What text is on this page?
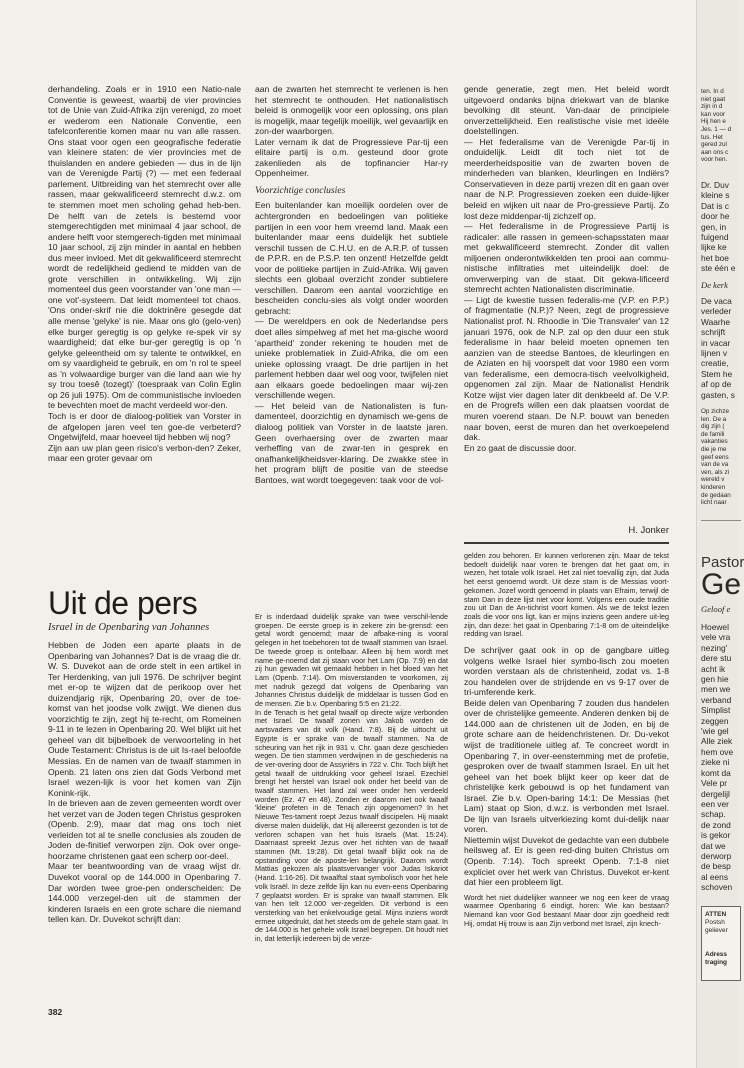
derhandeling. Zoals er in 1910 een Natio-nale Conventie is geweest, waarbij de vier provincies tot de Unie van Zuid-Afrika zijn verenigd, zo moet er wederom een Nationale Conventie, een tafelconferentie komen maar nu van alle rassen. Ons staat voor ogen een geografische federatie van kleinere staten: de vier provincies met de thuislanden en andere gebieden — dus in de lijn van de Verenigde Partij (?) — met een federaal parlement. Uitbreiding van het stemrecht over alle rassen, maar gekwalificeerd stemrecht d.w.z. om te stemmen moet men scholing gehad heb-ben. De helft van de zetels is bestemd voor stemgerechtigden met minimaal 4 jaar school, de andere helft voor stemgerech-tigden met minimaal 10 jaar school, zij zijn minder in aantal en hebben dus meer invloed. Met dit gekwalificeerd stemrecht wordt de redelijkheid gediend te midden van de grote verschillen in ontwikkeling. Wij zijn momenteel dus geen voorstander van 'one man — one vot'-systeem. Dat leidt momenteel tot chaos. 'Ons onder-skrif nie die doktrinêre gesegde dat alle mense 'gelyke' is nie. Maar ons glo (gelo-ven) elke burger geregtig is op gelyke re-spek vir sy waardigheid; dat elke bur-ger geregtig is op 'n gelyke geleentheid om sy talente te ontwikkel, en om sy vaardigheid te gebruik, en om 'n rol te speel as 'n volwaardige burger van die land aan wie hy sy trou toesê (tozegt)' (toespraak van Colin Eglin op 26 juli 1975). Om de communistische invloeden te bevechten moet de macht verdeeld wor-den.

Toch is er door de dialoog-politiek van Vorster in de afgelopen jaren veel ten goe-de verbeterd? Ongetwijfeld, maar hoeveel tijd hebben wij nog?

Zijn aan uw plan geen risico's verbon-den? Zeker, maar een groter gevaar om

aan de zwarten het stemrecht te verlenen is hen het stemrecht te onthouden. Het nationalistisch beleid is onmogelijk voor een oplossing, ons plan is mogelijk, maar tegelijk moeilijk, wel gevaarlijk en zon-der waarborgen.

Later vernam ik dat de Progressieve Par-tij een elitaire partij is o.m. gesteund door grote zakenlieden als de topfinancier Har-ry Oppenheimer.

Voorzichtige conclusies

Een buitenlander kan moeilijk oordelen over de achtergronden en bedoelingen van politieke partijen in een voor hem vreemd land. Maak een buitenlander maar eens duidelijk het subtiele verschil tussen de C.H.U. en de A.R.P. of tussen de P.P.R. en de P.S.P. ten onzent! Hetzelfde geldt voor de politieke partijen in Zuid-Afrika. Wij gaven slechts een globaal overzicht zonder subtielere verschillen. Daarom een aantal voorzichtige en bescheiden conclu-sies als volgt onder woorden gebracht:

— De wereldpers en ook de Nederlandse pers doet alles simpelweg af met het ma-gische woord 'apartheid' zonder rekening te houden met de unieke problematiek in Zuid-Afrika, die om een unieke oplossing vraagt. De drie partijen in het parlement hebben daar wel oog voor, twijfelen niet aan elkaars goede bedoelingen maar wij-zen verschillende wegen.

— Het beleid van de Nationalisten is fun-damenteel, doorzichtig en dynamisch we-gens de dialoog politiek van Vorster in de laatste jaren. Geen overhaersing over de zwarten maar verheffing van de zwar-ten in gesprek en onafhankelijkheidsver-klaring. De zwakke stee in het program blijft de positie van de steedse Bantoes, wat wordt toegegeven: taak voor de vol-

gende generatie, zegt men. Het beleid wordt uitgevoerd ondanks bijna driekwart van de blanke bevolking dit steunt. Van-daar de principiele onverzettelijkheid. Een realistische visie met ideële doelstellingen.

— Het federalisme van de Verenigde Par-tij in onduidelijk. Leidt dit toch niet tot de meerderheidspositie van de zwarten boven de minderheden van blanken, kleurlingen en Indiërs? Conservatieven in deze partij vrezen dit en gaan over naar de N.P. Progressieven zoeken een duide-lijker beleid en wijken uit naar de Pro-gressieve Partij. Zo lost deze middenpar-tij zichzelf op.

— Het federalisme in de Progressieve Partij is radicaler: alle rassen in gemeen-schapsstaten maar met gekwalificeerd stemrecht. Zonder dit vallen miljoenen onderontwikkelden ten prooi aan commu-nistische infiltraties met uiteindelijk doel: de omverwerping van de staat. Dit gekwa-lificeerd stemrecht achten Nationalisten discriminatie.

— Ligt de kwestie tussen federalis-me (V.P. en P.P.) of fragmentatie (N.P.)? Neen, zegt de progressieve Nationalist prof. N. Rhoodie in 'Die Transvaler' van 12 januari 1976, ook de N.P. zal op den duur een stuk federalisme in haar beleid moeten opnemen ten aanzien van de steedse Bantoes, de kleurlingen en de Aziaten en hij voorspelt dat voor 1980 een vorm van federalisme, een democra-tisch veelvolkigheid, opgenomen zal zijn. Maar de Nationalist Hendrik Kotze wijst vier dagen later dit denkbeeld af. De V.P. en de Progrefs willen een dak plaatsen voordat de muren voerend staan. De N.P. bouwt van beneden naar boven, eerst de muren dan het overkoepelend dak.

En zo gaat de discussie door.

H. Jonker
Uit de pers
Israel in de Openbaring van Johannes

Hebben de Joden een aparte plaats in de Openbaring van Johannes? Dat is de vraag die dr. W. S. Duvekot aan de orde stelt in een artikel in Ter Herdenking, van juli 1976. De schrijver begint met er-op te wijzen dat de perikoop over het duizendjarig rijk, Openbaring 20, over de toe-komst van het joodse volk zwijgt. We dienen dus voorzichtig te zijn, zegt hij te-recht, om Romeinen 9-11 in te lezen in Openbaring 20. Wel blijkt uit het geheel van dit bijbelboek de verwoorteling in het Oude Testament: Christus is de uit Is-rael beloofde Messias. En de namen van de twaalf stammen in Openb. 21 laten ons zien dat Gods Verbond met Israel wezen-lijk is voor het komen van Zijn Konink-rijk.

In de brieven aan de zeven gemeenten wordt over het verzet van de Joden tegen Christus gesproken (Openb. 2:9), maar dat mag ons toch niet verleiden tot al te snelle conclusies als zouden de Joden de-finitief verworpen zijn. Ook over onge-hoorzame christenen gaat een scherp oor-deel.

Maar ter beantwoording van de vraag wijst dr. Duvekot vooral op de 144.000 in Openbaring 7. Dar worden twee groe-pen onderscheiden: De 144.000 verzegel-den uit de stammen der kinderen Israels en een grote schare die niemand tellen kan. Dr. Duvekot schrijft dan:

Er is inderdaad duidelijk sprake van twee verschil-lende groepen. De eerste groep is in zekere zin be-grensd: een getal wordt genoemd; maar de afbake-ning is vooral gelegen in het toebehoren tot de twaalf stammen van Israel. De tweede groep is ontelbaar. Alleen bij hem wordt met name ge-noemd dat zij staan voor het Lam (Op. 7:9) en dat zij hun gewaden wit gemaakt hebben in het bloed van het Lam (Openb. 7:14). Om misverstanden te voorkomen, zij met nadruk gezegd dat volgens de Openbaring van Johannes Christus duidelijk de middelaar is tussen God en de mensen. Zie b.v. Openbaring 5:5 en 21:22.

In de Tenach is het getal twaalf op directe wijze verbonden met Israel. De twaalf zonen van Jakob worden de aartsvaders van dit volk (Hand. 7:8). Bij de uittocht uit Egypte is er sprake van de twaalf stammen. Na de scheuring van het rijk in 931 v. Chr. gaan deze geschieden wegen. De tien stammen verdwijnen in de geschiedenis na de ver-overing door de Assyriërs in 722 v. Chr. Toch blijft het getal twaalf de uitdrukking voor geheel Israel. Ezechiël brengt het herstel van Israel ook onder het beeld van de twaalf stammen. Het land zal weer onder hen verdeeld worden (Ez. 47 en 48). Zonden er daarom niet ook twaalf 'kleine' profeten in de Tenach zijn opgenomen? In het Nieuwe Tes-tament roept Jezus twaalf discipelen. Hij maakt diverse malen duidelijk, dat Hij allereerst gezonden is tot de verloren schapen van het huis Israels (Mat. 15:24). Daarnaast spreekt Jezus over het richten van de twaalf stammen (Mt. 19:28). Dit getal twaalf blijkt ook na de opstanding voor de aposte-len belangrijk. Daarom wordt Mattias gekozen als plaatsvervanger voor Judas Iskariot (Hand. 1:16-26). Dit twaalftal staat symbolisch voor het hele volk Israël. In deze zelfde lijn kan nu even-eens Openbaring 7 geplaatst worden. Er is sprake van twaalf stammen. Elk van hen telt 12.000 ver-zegelden. Dit verbond is een versterking van het enkelvoudige getal. Mijns inziens wordt ermee uitgedrukt, dat het steeds om de gehele stam gaat. In de 144.000 is het gehele volk Israel begrepen. Dit houdt niet in, dat letterlijk iedereen bij de verze-

gelden zou behoren. Er kunnen verlorenen zijn. Maar de tekst bedoelt duidelijk naar voren te brengen dat het gaat om, in wezen, het totale volk Israel. Het zal niet toevallig zijn, dat Juda het eerst genoemd wordt. Uit deze stam is de Messias voort-gekomen. Jozef wordt genoemd in plaats van Efraim, terwijl de stam Dan in deze lijst niet voor komt. Volgens een oude traditie zou uit Dan de An-tichrist voort komen. Als we de tekst lezen zoals die voor ons ligt, kan er mijns inziens geen andere uit-leg zijn, dan deze: het gaat in Openbaring 7:1-8 om de uiteindelijke redding van Israel.

De schrijver gaat ook in op de gangbare uitleg volgens welke Israel hier symbo-lisch zou moeten worden verstaan als de christenheid, zodat vs. 1-8 zou handelen over de strijdende en vs 9-17 over de tri-umferende kerk.

Beide delen van Openbaring 7 zouden dus handelen over de christelijke gemeente. Anderen denken bij de 144.000 aan de christenen uit de Joden, en bij de grote schare aan de heidenchristenen. Dr. Du-vekot wijst de traditionele uitleg af. Te concreet wordt in Openbaring 7, in over-eenstemming met de profetie, gesproken over de twaalf stammen Israel. En uit het geheel van het boek blijkt keer op keer dat de christelijke kerk gebouwd is op het fundament van Israel. Zie b.v. Open-baring 14:1: De Messias (het Lam) staat op Sion, d.w.z. is verbonden met Israel. De lijn van Israels uitverkiezing komt dui-delijk naar voren.

Niettemin wijst Duvekot de gedachte van een dubbele heilsweg af. Er is geen red-ding buiten Christus om (Openb. 7:14). Toch spreekt Openb. 7:1-8 niet expliciet over het werk van Christus. Duvekot er-kent dat hier een probleem ligt.

Wordt het niet duidelijker wanneer we nog een keer de vraag waarmee Openbaring 6 eindigt, horen: Wie kan bestaan? Niemand kan voor God bestaan! Maar door zijn goedheid redt Hij, omdat Hij trouw is aan Zijn verbond met Israel, zijn knech-

382
ten. In d
niet gaat
zijn in d
kan voor
Hij hen e
Jes. 1 — d
tus. Het
gered zul
aan ons c
voor hen.
Dr. Duv
kleine s
Dat is c
door he
gen, in
fuigend
lijke ke
het boe
ste één e
De kerk
De vaca
verleder
Waarhe
schrijft
in vacar
lijnen v
creatie,
Stem he
af op de
gasten, s
Op zichze
len. De a
dig zijn (
de famili
vakanties
die je me
geef eens
van de va
ven, als zi
wereld v
kinderen
de gedaan
licht naar
Pastor
Ge
Geloof e
Hoewel
vele vra
nezing'
dere stu
acht ik
gen hie
men we
verband
Simplist
zeggen
'wie gel
Alle ziek
hem ove
zieke ni
komt da
Vele pr
dergelijl
een ver
schap.
de zond
is gekor
dat we
derworp
de besp
al eens
schoven
ATTEN
Postsh
geliever
Adress
traging
